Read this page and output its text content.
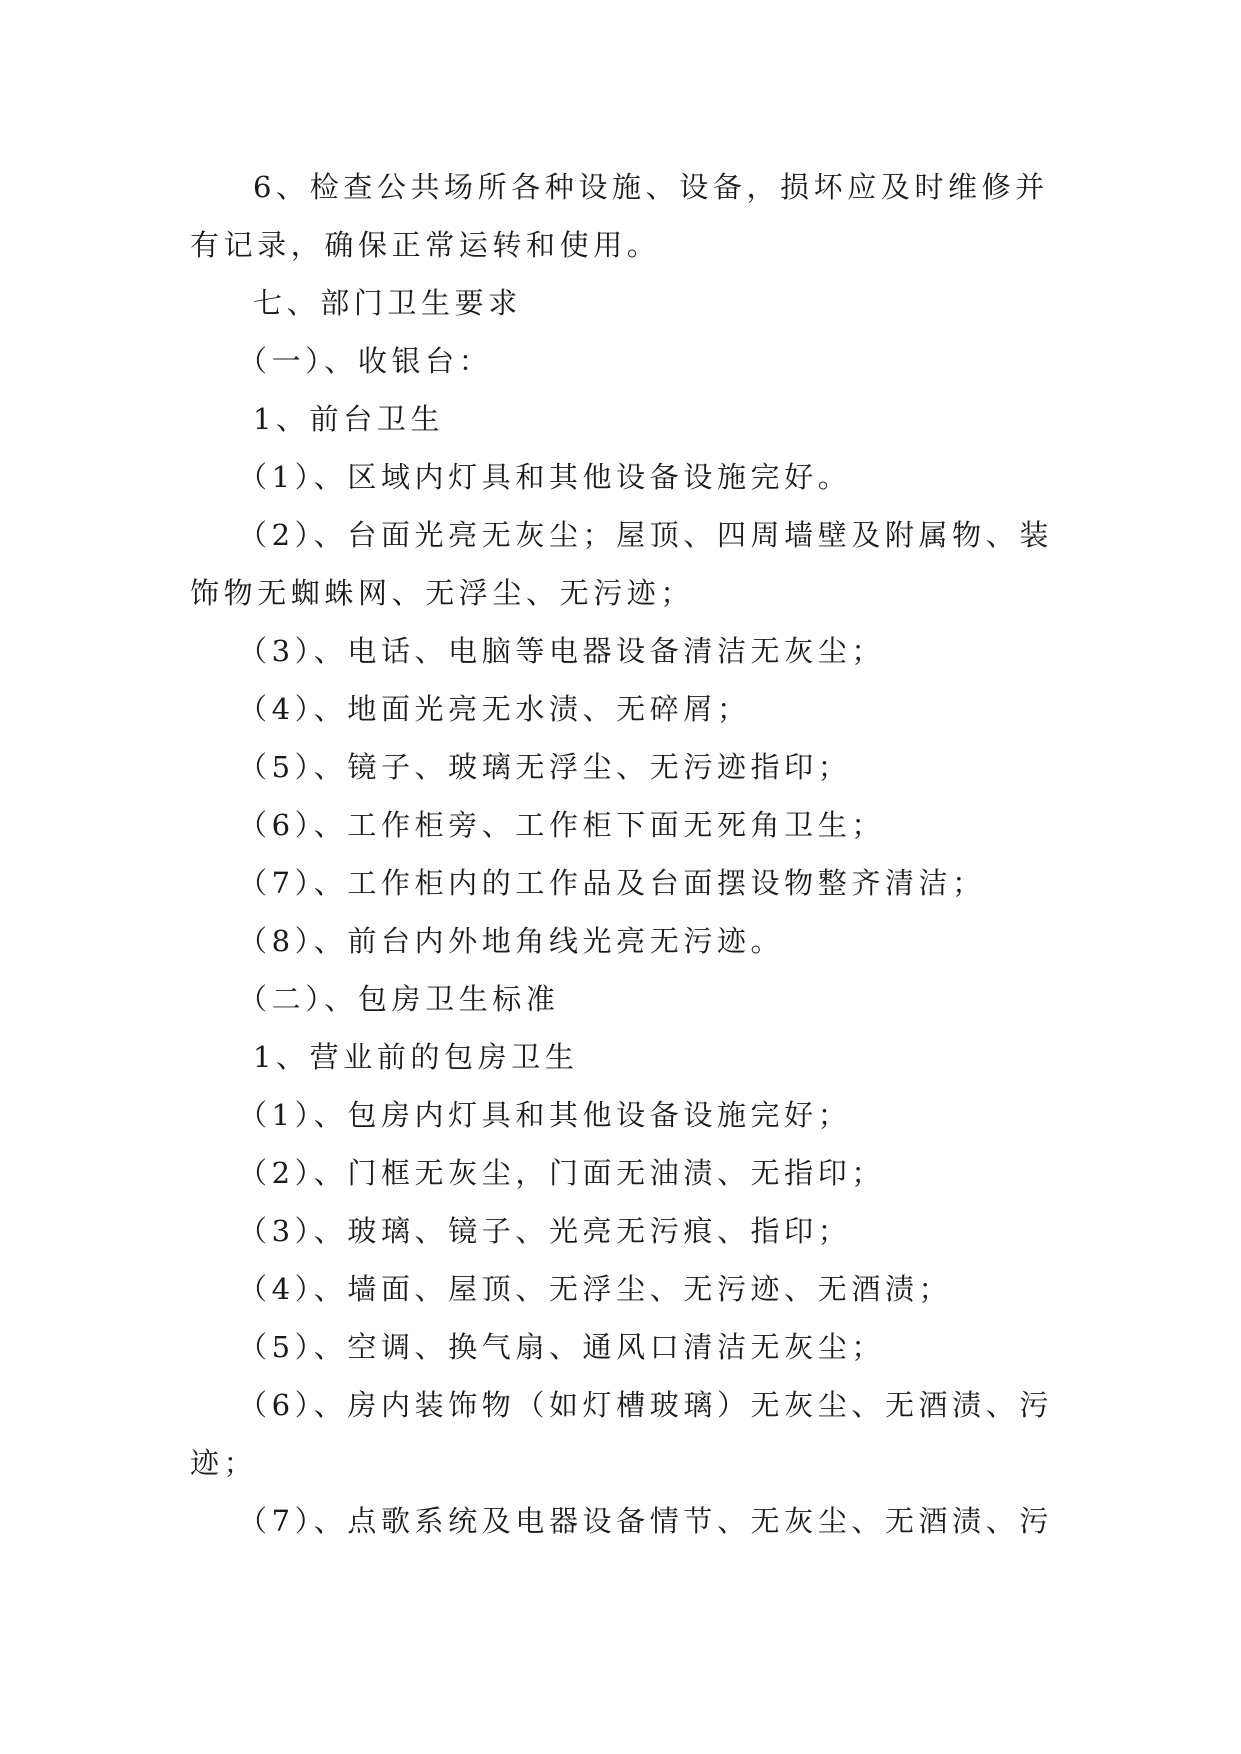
6、检查公共场所各种设施、设备，损坏应及时维修并
有记录，确保正常运转和使用。
七、部门卫生要求
（一）、收银台：
1、前台卫生
（1）、区域内灯具和其他设备设施完好。
（2）、台面光亮无灰尘；屋顶、四周墙壁及附属物、装
饰物无蜘蛛网、无浮尘、无污迹；
（3）、电话、电脑等电器设备清洁无灰尘；
（4）、地面光亮无水渍、无碎屑；
（5）、镜子、玻璃无浮尘、无污迹指印；
（6）、工作柜旁、工作柜下面无死角卫生；
（7）、工作柜内的工作品及台面摆设物整齐清洁；
（8）、前台内外地角线光亮无污迹。
（二）、包房卫生标准
1、营业前的包房卫生
（1）、包房内灯具和其他设备设施完好；
（2）、门框无灰尘，门面无油渍、无指印；
（3）、玻璃、镜子、光亮无污痕、指印；
（4）、墙面、屋顶、无浮尘、无污迹、无酒渍；
（5）、空调、换气扇、通风口清洁无灰尘；
（6）、房内装饰物（如灯槽玻璃）无灰尘、无酒渍、污
迹；
（7）、点歌系统及电器设备情节、无灰尘、无酒渍、污
